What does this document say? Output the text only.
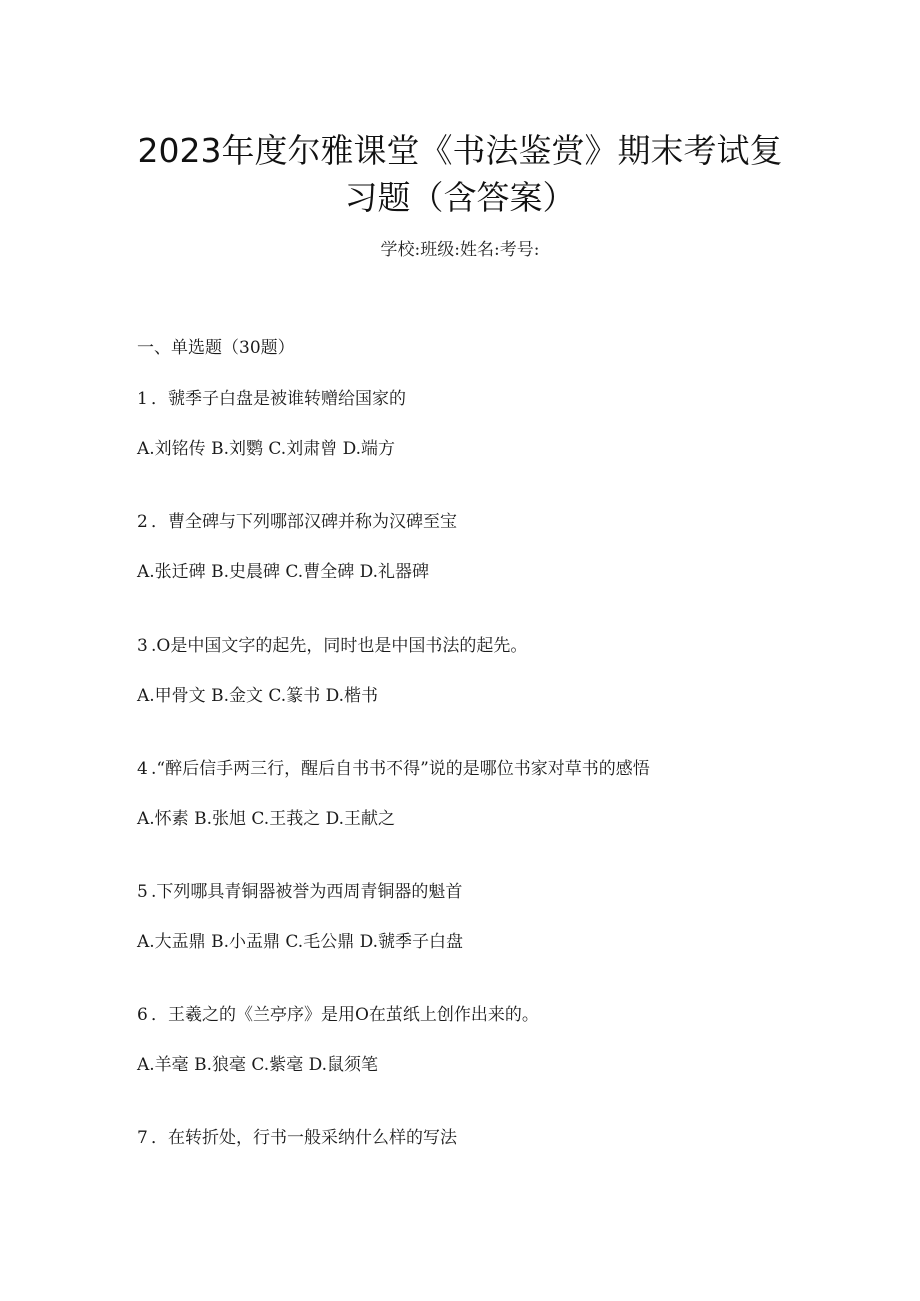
2023年度尔雅课堂《书法鉴赏》期末考试复
习题（含答案）
学校:班级:姓名:考号:
一、单选题（30题）
1 ．虢季子白盘是被谁转赠给国家的
A.刘铭传 B.刘鹦 C.刘肃曾 D.端方
2 ．曹全碑与下列哪部汉碑并称为汉碑至宝
A.张迁碑 B.史晨碑 C.曹全碑 D.礼器碑
3 .O是中国文字的起先，同时也是中国书法的起先。
A.甲骨文 B.金文 C.篆书 D.楷书
4 .“醉后信手两三行，醒后自书书不得”说的是哪位书家对草书的感悟
A.怀素 B.张旭 C.王莪之 D.王献之
5 .下列哪具青铜器被誉为西周青铜器的魁首
A.大盂鼎 B.小盂鼎 C.毛公鼎 D.虢季子白盘
6 ．王羲之的《兰亭序》是用O在茧纸上创作出来的。
A.羊毫 B.狼毫 C.紫毫 D.鼠须笔
7 ．在转折处，行书一般采纳什么样的写法
